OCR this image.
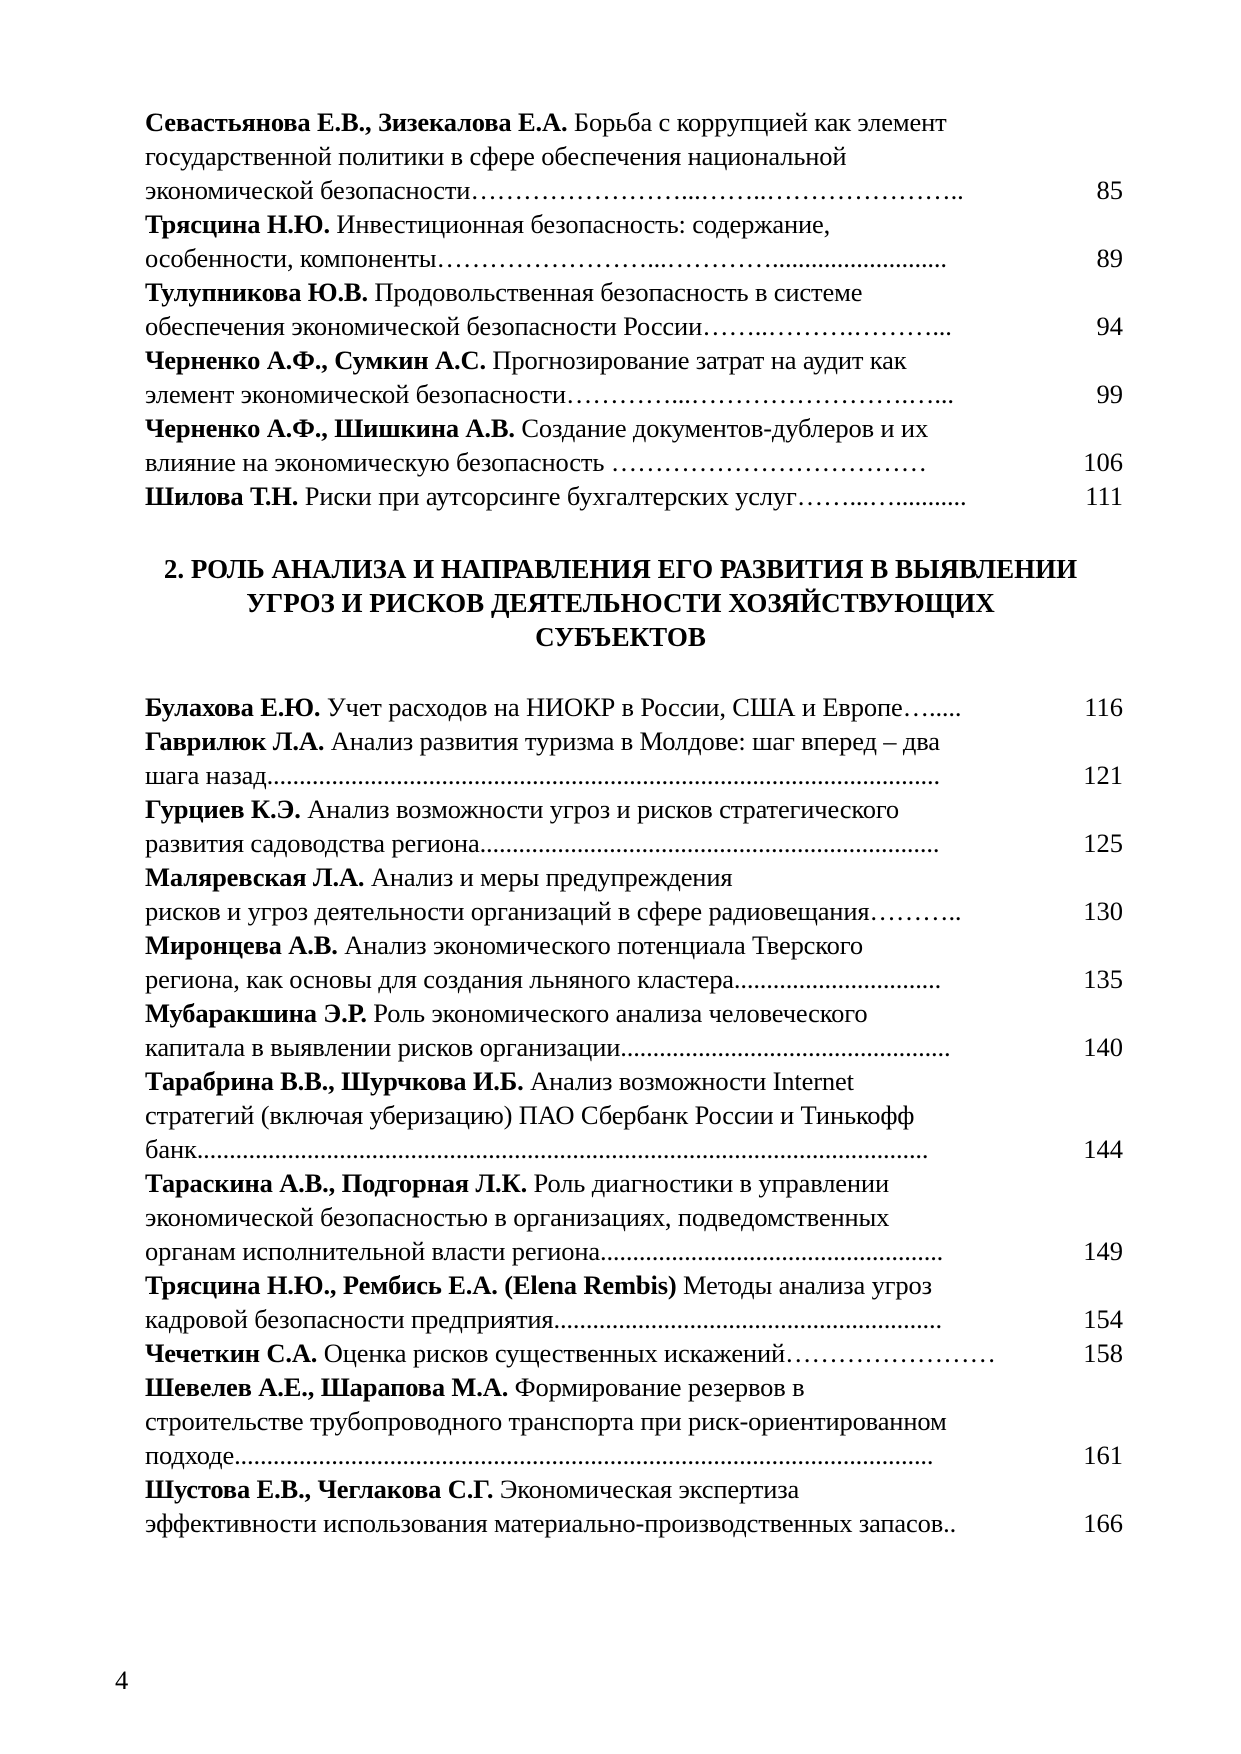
Севастьянова Е.В., Зизекалова Е.А. Борьба с коррупцией как элемент
государственной политики в сфере обеспечения национальной
экономической безопасности……………………...……..…………………..	85
Трясцина Н.Ю. Инвестиционная безопасность: содержание,
особенности, компоненты……………………...…………...........................	89
Тулупникова Ю.В. Продовольственная безопасность в системе
обеспечения экономической безопасности России……..……….………...	94
Черненко А.Ф., Сумкин А.С. Прогнозирование затрат на аудит как
элемент экономической безопасности…………...…………………….…...	99
Черненко А.Ф., Шишкина А.В. Создание документов-дублеров и их
влияние на экономическую безопасность ………………………………	106
Шилова Т.Н. Риски при аутсорсинге бухгалтерских услуг……...…...........	111
2. РОЛЬ АНАЛИЗА И НАПРАВЛЕНИЯ ЕГО РАЗВИТИЯ В ВЫЯВЛЕНИИ
УГРОЗ И РИСКОВ ДЕЯТЕЛЬНОСТИ ХОЗЯЙСТВУЮЩИХ
СУБЪЕКТОВ
Булахова Е.Ю. Учет расходов на НИОКР в России, США и Европе….....	116
Гаврилюк Л.А. Анализ развития туризма в Молдове: шаг вперед – два
шага назад........................................................................................................	121
Гурциев К.Э. Анализ возможности угроз и рисков стратегического
развития садоводства региона.......................................................................	125
Маляревская Л.А. Анализ и меры предупреждения
рисков и угроз деятельности организаций в сфере радиовещания………..	130
Миронцева А.В. Анализ экономического потенциала Тверского
региона, как основы для создания льняного кластера................................	135
Мубаракшина Э.Р. Роль экономического анализа человеческого
капитала в выявлении рисков организации...................................................	140
Тарабрина В.В., Шурчкова И.Б. Анализ возможности Internet
стратегий (включая уберизацию) ПАО Сбербанк России и Тинькофф
банк.................................................................................................................	144
Тараскина А.В., Подгорная Л.К. Роль диагностики в управлении
экономической безопасностью в организациях, подведомственных
органам исполнительной власти региона.....................................................	149
Трясцина Н.Ю., Рембись Е.А. (Elena Rembis) Методы анализа угроз
кадровой безопасности предприятия............................................................	154
Чечеткин С.А. Оценка рисков существенных искажений……………………	158
Шевелев А.Е., Шарапова М.А. Формирование резервов в
строительстве трубопроводного транспорта при риск-ориентированном
подходе............................................................................................................	161
Шустова Е.В., Чеглакова С.Г. Экономическая экспертиза
эффективности использования материально-производственных запасов..	166
4
